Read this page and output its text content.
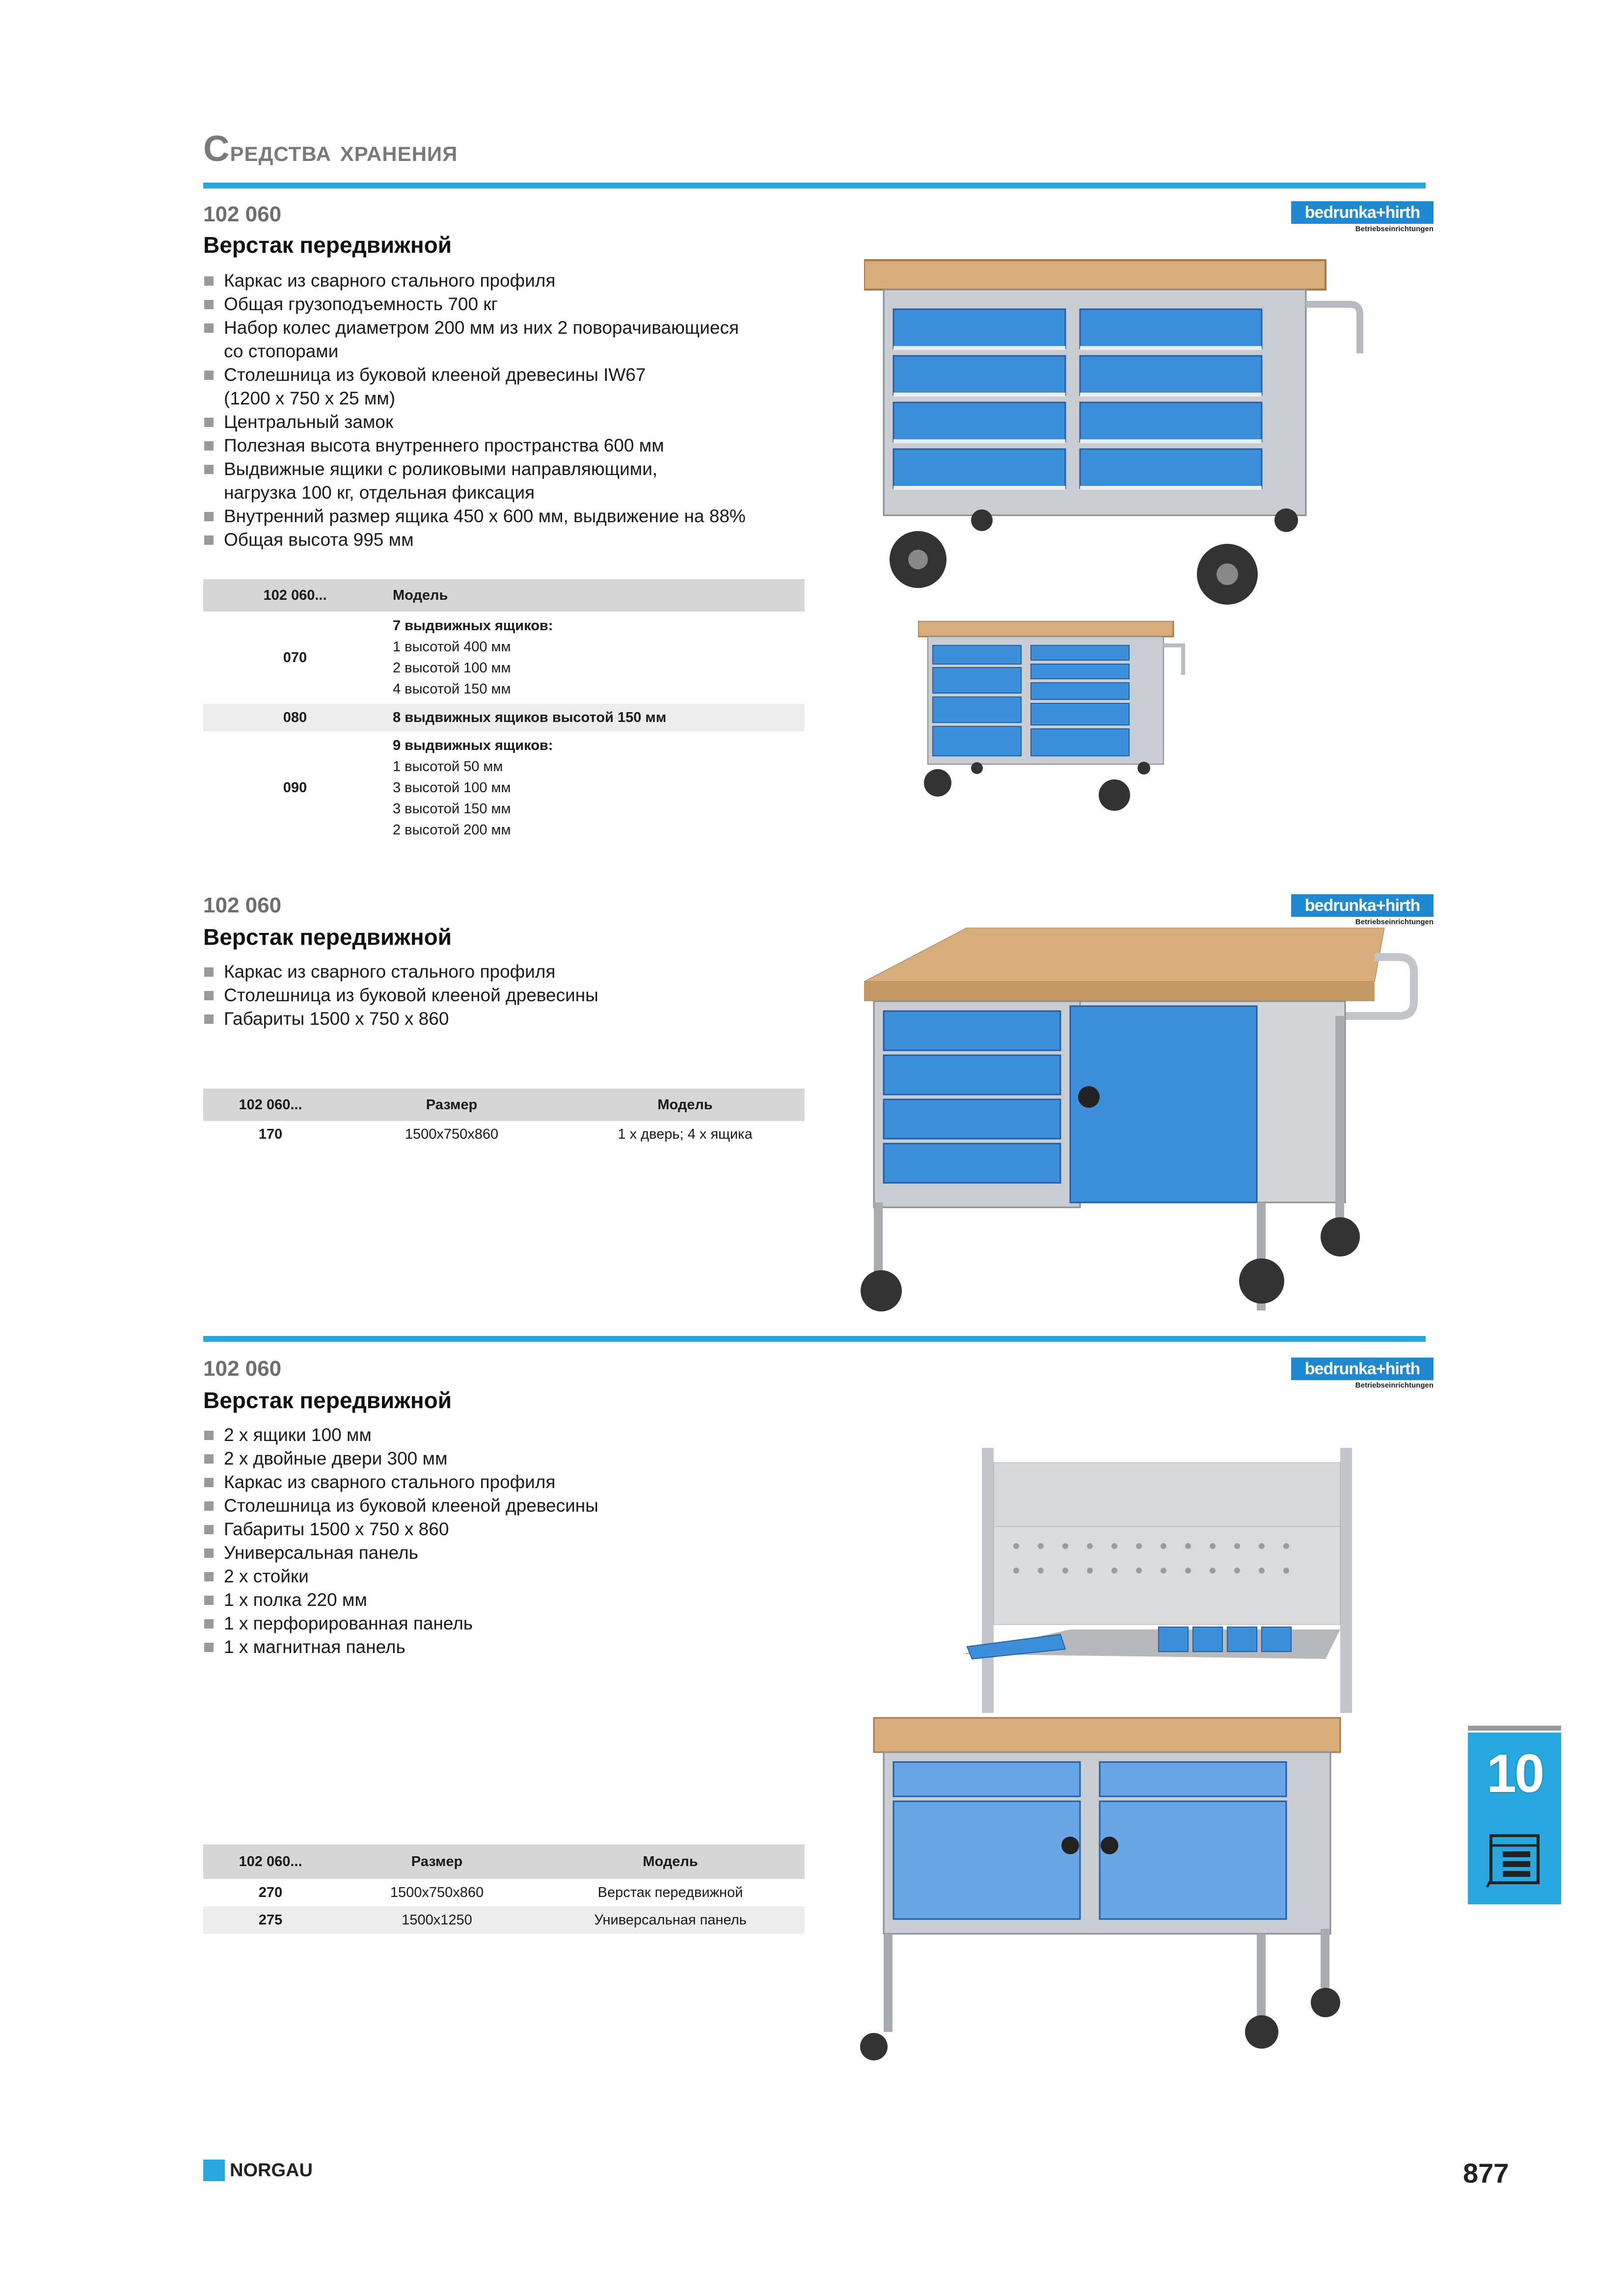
Средства хранения
102 060
Верстак передвижной
bedrunka+hirth
Betriebseinrichtungen
Каркас из сварного стального профиля
Общая грузоподъемность 700 кг
Набор колес диаметром 200 мм из них 2 поворачивающиеся
со стопорами
Столешница из буковой клееной древесины IW67
(1200 x 750 x 25 мм)
Центральный замок
Полезная высота внутреннего пространства 600 мм
Выдвижные ящики с роликовыми направляющими,
нагрузка 100 кг, отдельная фиксация
Внутренний размер ящика 450 x 600 мм, выдвижение на 88%
Общая высота 995 мм
102 060...	Модель
070	7 выдвижных ящиков:
1 высотой 400 мм
2 высотой 100 мм
4 высотой 150 мм

080	8 выдвижных ящиков высотой 150 мм
090	9 выдвижных ящиков:
1 высотой 50 мм
3 высотой 100 мм
3 высотой 150 мм
2 высотой 200 мм
102 060
Верстак передвижной
bedrunka+hirth
Betriebseinrichtungen
Каркас из сварного стального профиля
Столешница из буковой клееной древесины
Габариты 1500 x 750 x 860
102 060...	Размер	Модель
170	1500x750x860	1 x дверь; 4 x ящика
102 060
Верстак передвижной
bedrunka+hirth
Betriebseinrichtungen
2 x ящики 100 мм
2 x двойные двери 300 мм
Каркас из сварного стального профиля
Столешница из буковой клееной древесины
Габариты 1500 x 750 x 860
Универсальная панель
2 x стойки
1 x полка 220 мм
1 x перфорированная панель
1 x магнитная панель
102 060...	Размер	Модель
270	1500x750x860	Верстак передвижной
275	1500x1250	Универсальная панель
10
NORGAU	877
